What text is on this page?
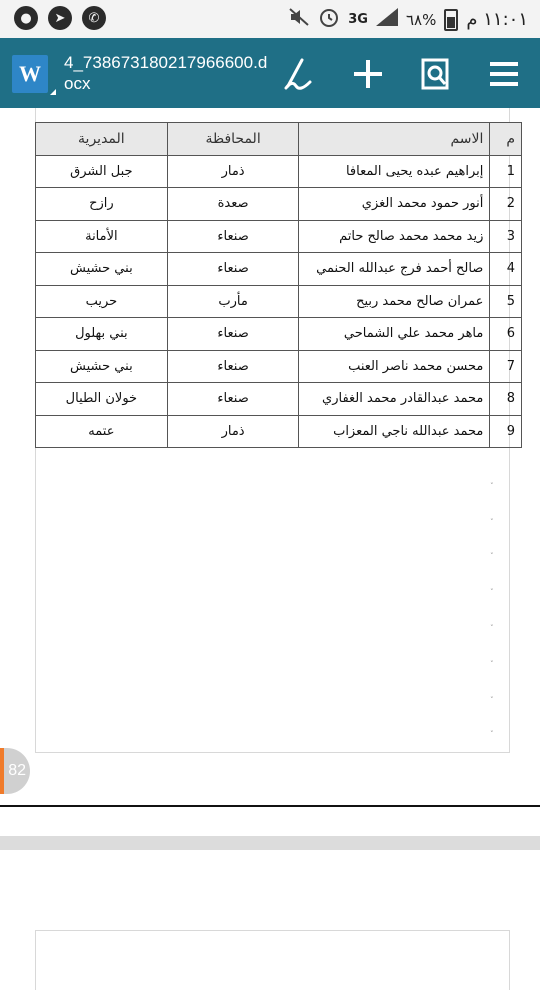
●	➤	✆	3G	٦٨% ١١:٠١ م
W 4_738673180217966600.docx
م	الاسم	المحافظة	المديرية
1	إبراهيم عبده يحيى المعافا	ذمار	جبل الشرق
2	أنور حمود محمد الغزي	صعدة	رازح
3	زيد محمد محمد صالح حاتم	صنعاء	الأمانة
4	صالح أحمد فرج عبدالله الحنمي	صنعاء	بني حشيش
5	عمران صالح محمد ربيح	مأرب	حريب
6	ماهر محمد علي الشماحي	صنعاء	بني بهلول
7	محسن محمد ناصر العنب	صنعاء	بني حشيش
8	محمد عبدالقادر محمد الغفاري	صنعاء	خولان الطيال
9	محمد عبدالله ناجي المعزاب	ذمار	عتمه
˯
˯
˯
˯
˯
˯
˯
˯
82
